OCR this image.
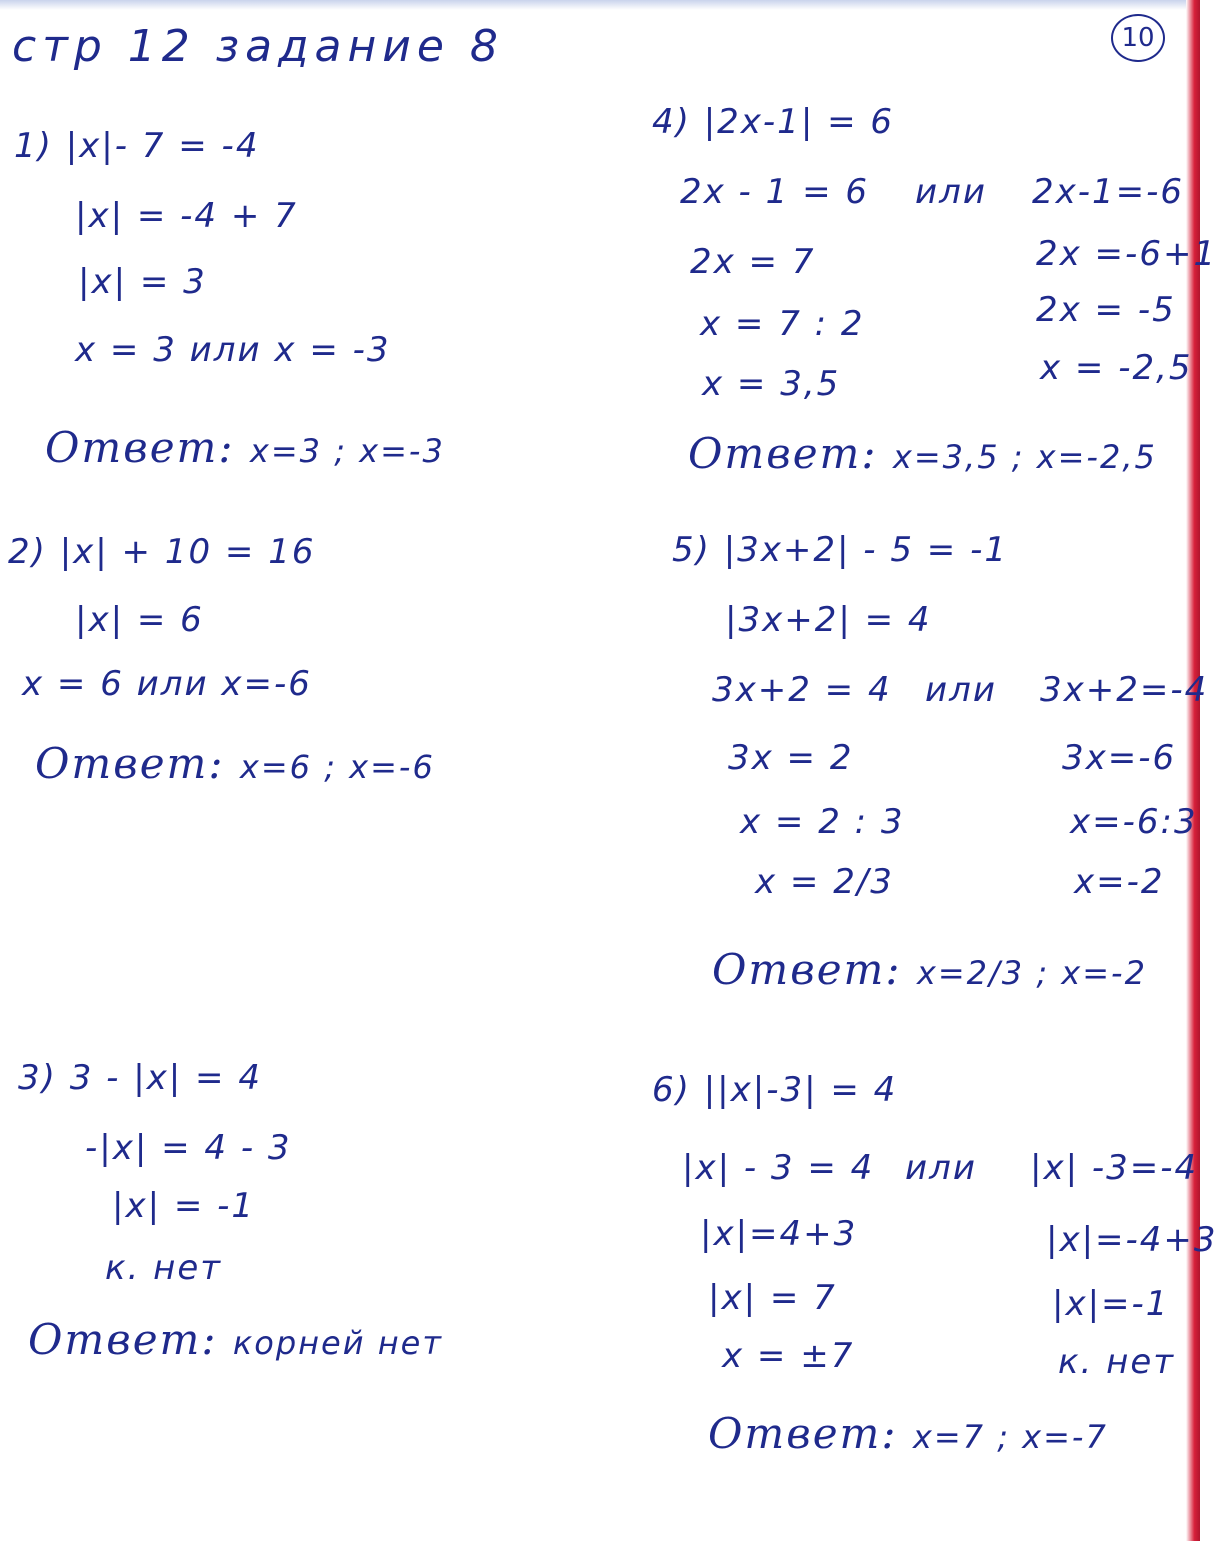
стр 12 задание 8	10
1) |x|- 7 = -4
|x| = -4 + 7
|x| = 3
x = 3 или x = -3
Ответ: x=3 ; x=-3
2) |x| + 10 = 16
|x| = 6
x = 6 или x=-6
Ответ: x=6 ; x=-6
3) 3 - |x| = 4
-|x| = 4 - 3
|x| = -1
к. нет
Ответ: корней нет
4) |2x-1| = 6
2x - 1 = 6 или 2x-1=-6
2x = 7	2x =-6+1
x = 7 : 2	2x = -5
x = 3,5	x = -2,5
Ответ: x=3,5 ; x=-2,5
5) |3x+2| - 5 = -1
|3x+2| = 4
3x+2 = 4 или 3x+2=-4
3x = 2	3x=-6
x = 2 : 3	x=-6:3
x = 2/3	x=-2
Ответ: x=2/3 ; x=-2
6) ||x|-3| = 4
|x| - 3 = 4 или |x| -3=-4
|x|=4+3	|x|=-4+3
|x| = 7	|x|=-1
x = ±7	к. нет
Ответ: x=7 ; x=-7
